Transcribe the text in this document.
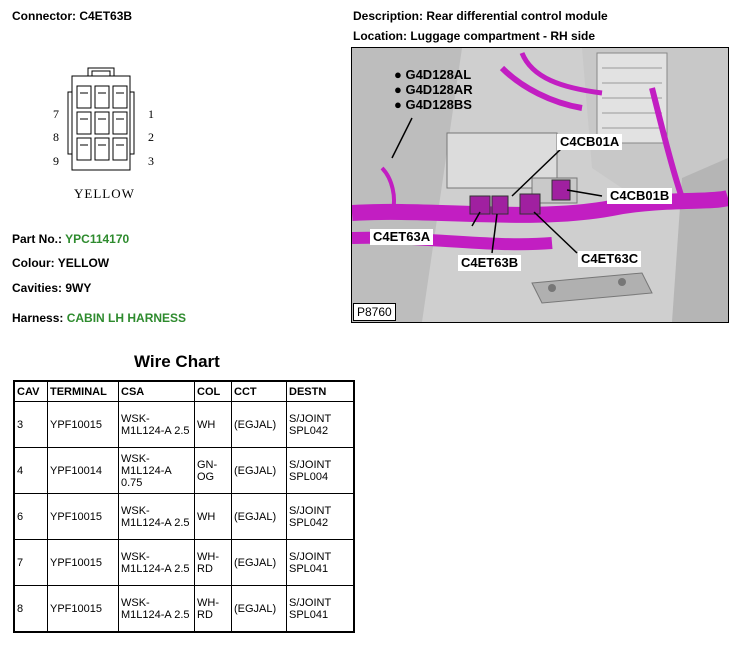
Connector: C4ET63B
7
8
9
1
2
3
YELLOW
Part No.: YPC114170
Colour: YELLOW
Cavities: 9WY
Harness: CABIN LH HARNESS
Description: Rear differential control module
Location: Luggage compartment - RH side
● G4D128AL
● G4D128AR
● G4D128BS
C4CB01A
C4CB01B
C4ET63A
C4ET63B	C4ET63C
P8760
Wire Chart
CAV	TERMINAL	CSA	COL	CCT	DESTN
3	YPF10015	WSK-M1L124-A 2.5	WH	(EGJAL)	S/JOINT SPL042
4	YPF10014	WSK-M1L124-A 0.75	GN-OG	(EGJAL)	S/JOINT SPL004
6	YPF10015	WSK-M1L124-A 2.5	WH	(EGJAL)	S/JOINT SPL042
7	YPF10015	WSK-M1L124-A 2.5	WH-RD	(EGJAL)	S/JOINT SPL041
8	YPF10015	WSK-M1L124-A 2.5	WH-RD	(EGJAL)	S/JOINT SPL041
